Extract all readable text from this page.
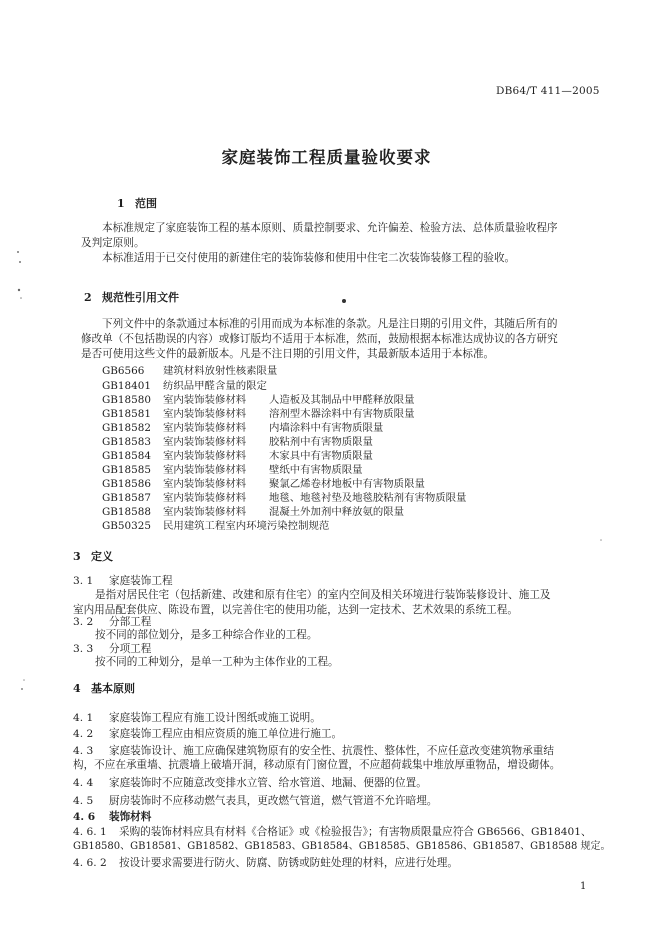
DB64/T 411—2005
家庭装饰工程质量验收要求
1 范围
本标准规定了家庭装饰工程的基本原则、质量控制要求、允许偏差、检验方法、总体质量验收程序
及判定原则。
本标准适用于已交付使用的新建住宅的装饰装修和使用中住宅二次装饰装修工程的验收。
2 规范性引用文件
下列文件中的条款通过本标准的引用而成为本标准的条款。凡是注日期的引用文件，其随后所有的
修改单（不包括勘误的内容）或修订版均不适用于本标准，然而，鼓励根据本标准达成协议的各方研究
是否可使用这些文件的最新版本。凡是不注日期的引用文件，其最新版本适用于本标准。
GB6566 建筑材料放射性核素限量
GB18401 纺织品甲醛含量的限定
GB18580 室内装饰装修材料 人造板及其制品中甲醛释放限量
GB18581 室内装饰装修材料 溶剂型木器涂料中有害物质限量
GB18582 室内装饰装修材料 内墙涂料中有害物质限量
GB18583 室内装饰装修材料 胶粘剂中有害物质限量
GB18584 室内装饰装修材料 木家具中有害物质限量
GB18585 室内装饰装修材料 壁纸中有害物质限量
GB18586 室内装饰装修材料 聚氯乙烯卷材地板中有害物质限量
GB18587 室内装饰装修材料 地毯、地毯衬垫及地毯胶粘剂有害物质限量
GB18588 室内装饰装修材料 混凝土外加剂中释放氨的限量
GB50325 民用建筑工程室内环境污染控制规范
3 定义
3. 1 家庭装饰工程
是指对居民住宅（包括新建、改建和原有住宅）的室内空间及相关环境进行装饰装修设计、施工及
室内用品配套供应、陈设布置，以完善住宅的使用功能，达到一定技术、艺术效果的系统工程。
3. 2 分部工程
按不同的部位划分，是多工种综合作业的工程。
3. 3 分项工程
按不同的工种划分，是单一工种为主体作业的工程。
4 基本原则
4. 1 家庭装饰工程应有施工设计图纸或施工说明。
4. 2 家庭装饰工程应由相应资质的施工单位进行施工。
4. 3 家庭装饰设计、施工应确保建筑物原有的安全性、抗震性、整体性，不应任意改变建筑物承重结
构，不应在承重墙、抗震墙上破墙开洞，移动原有门窗位置，不应超荷载集中堆放厚重物品，增设砌体。
4. 4 家庭装饰时不应随意改变排水立管、给水管道、地漏、便器的位置。
4. 5 厨房装饰时不应移动燃气表具，更改燃气管道，燃气管道不允许暗埋。
4. 6 装饰材料
4. 6. 1 采购的装饰材料应具有材料《合格证》或《检验报告》；有害物质限量应符合 GB6566、GB18401、
GB18580、GB18581、GB18582、GB18583、GB18584、GB18585、GB18586、GB18587、GB18588 规定。
4. 6. 2 按设计要求需要进行防火、防腐、防锈或防蛀处理的材料，应进行处理。
1
